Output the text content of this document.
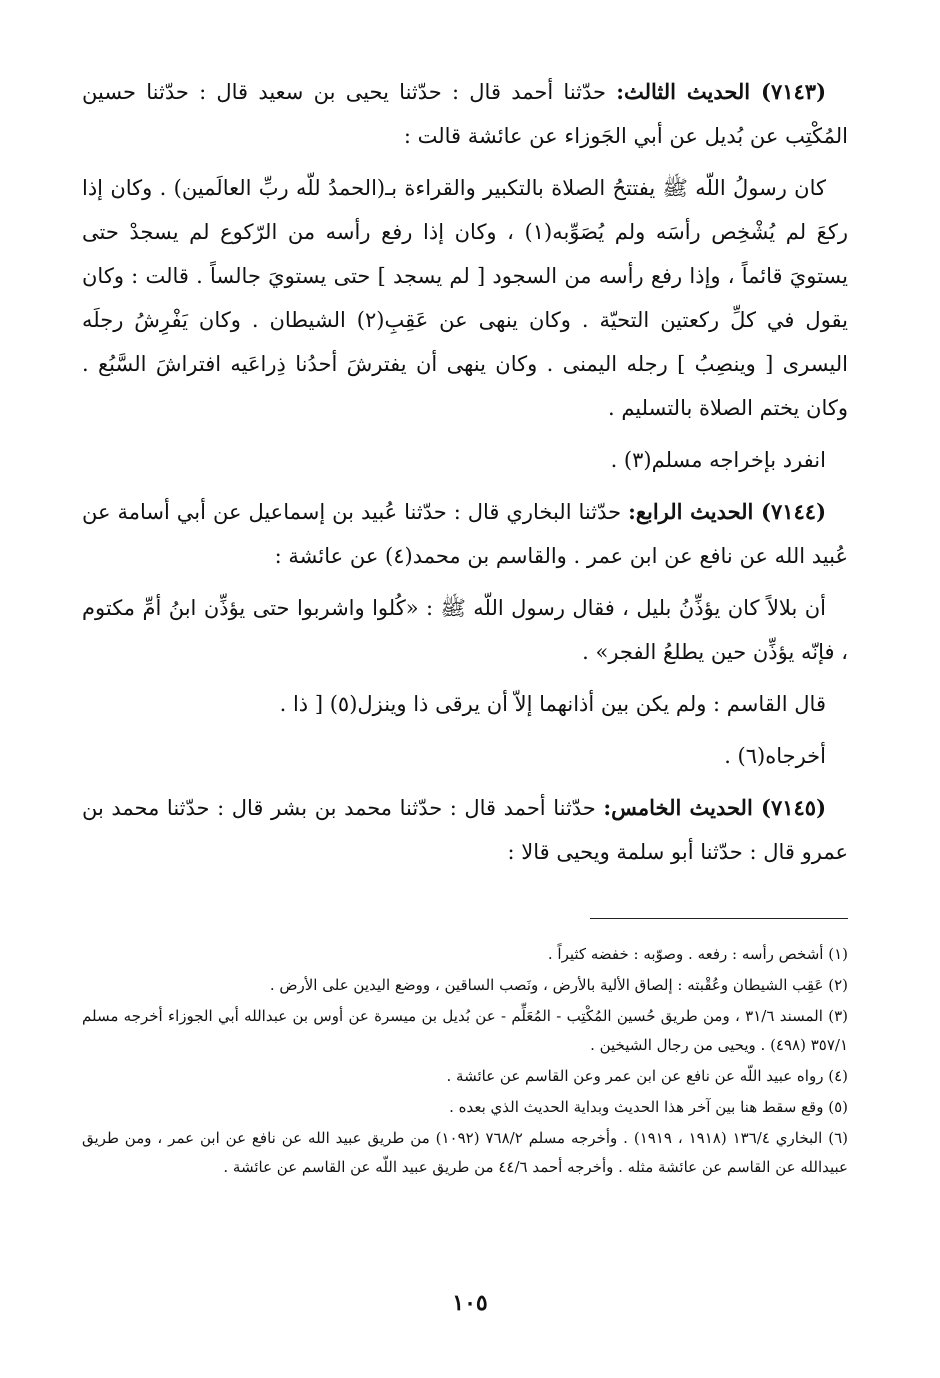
(٧١٤٣) الحديث الثالث: حدّثنا أحمد قال : حدّثنا يحيى بن سعيد قال : حدّثنا حسين المُكْتِب عن بُديل عن أبي الجَوزاء عن عائشة قالت :

كان رسولُ اللّه ﷺ يفتتحُ الصلاة بالتكبير والقراءة بـ(الحمدُ للّه ربِّ العالَمين) . وكان إذا ركعَ لم يُشْخِص رأسَه ولم يُصَوِّبه(١) ، وكان إذا رفع رأسه من الرّكوع لم يسجدْ حتى يستويَ قائماً ، وإذا رفع رأسه من السجود [ لم يسجد ] حتى يستويَ جالساً . قالت : وكان يقول في كلِّ ركعتين التحيّة . وكان ينهى عن عَقِبِ(٢) الشيطان . وكان يَفْرِشُ رجلَه اليسرى [ وينصِبُ ] رجله اليمنى . وكان ينهى أن يفترشَ أحدُنا ذِراعَيه افتراشَ السَّبُع . وكان يختم الصلاة بالتسليم .

انفرد بإخراجه مسلم(٣) .

(٧١٤٤) الحديث الرابع: حدّثنا البخاري قال : حدّثنا عُبيد بن إسماعيل عن أبي أسامة عن عُبيد الله عن نافع عن ابن عمر . والقاسم بن محمد(٤) عن عائشة :

أن بلالاً كان يؤذِّنُ بليل ، فقال رسول اللّه ﷺ : «كُلوا واشربوا حتى يؤذِّن ابنُ أمِّ مكتوم ، فإنّه يؤذِّن حين يطلعُ الفجر» .

قال القاسم : ولم يكن بين أذانهما إلاّ أن يرقى ذا وينزل(٥) [ ذا .

أخرجاه(٦) .

(٧١٤٥) الحديث الخامس: حدّثنا أحمد قال : حدّثنا محمد بن بشر قال : حدّثنا محمد بن عمرو قال : حدّثنا أبو سلمة ويحيى قالا :

(١) أشخص رأسه : رفعه . وصوّبه : خفضه كثيراً .

(٢) عَقِب الشيطان وعُقْبته : إلصاق الألية بالأرض ، ونَصب الساقين ، ووضع اليدين على الأرض .

(٣) المسند ٣١/٦ ، ومن طريق حُسين المُكْتِب - المُعَلِّم - عن بُديل بن ميسرة عن أوس بن عبدالله أبي الجوزاء أخرجه مسلم ٣٥٧/١ (٤٩٨) . ويحيى من رجال الشيخين .

(٤) رواه عبيد اللّه عن نافع عن ابن عمر وعن القاسم عن عائشة .

(٥) وقع سقط هنا بين آخر هذا الحديث وبداية الحديث الذي بعده .

(٦) البخاري ١٣٦/٤ (١٩١٨ ، ١٩١٩) . وأخرجه مسلم ٧٦٨/٢ (١٠٩٢) من طريق عبيد الله عن نافع عن ابن عمر ، ومن طريق عبيدالله عن القاسم عن عائشة مثله . وأخرجه أحمد ٤٤/٦ من طريق عبيد اللّه عن القاسم عن عائشة .

١٠٥
